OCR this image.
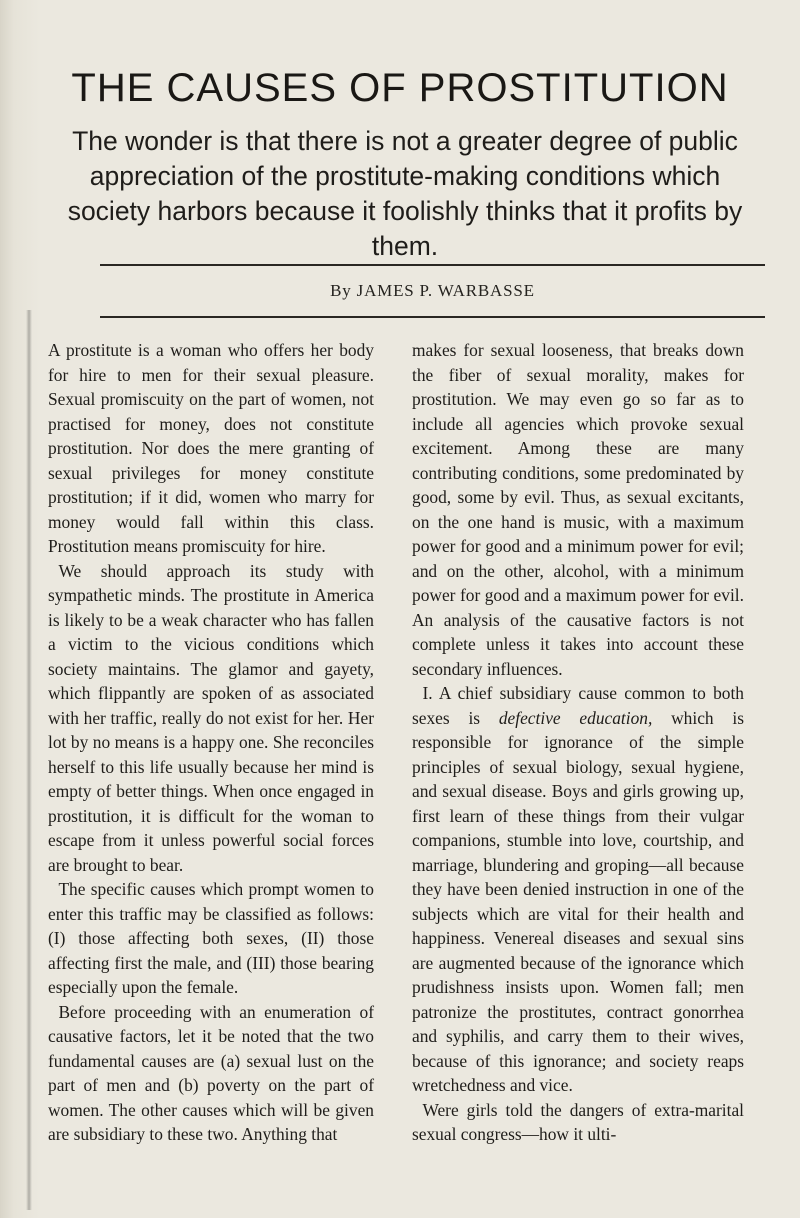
THE CAUSES OF PROSTITUTION

The wonder is that there is not a greater degree of public appreciation of the prostitute-making conditions which society harbors because it foolishly thinks that it profits by them.

By JAMES P. WARBASSE

A prostitute is a woman who offers her body for hire to men for their sexual pleasure. Sexual promiscuity on the part of women, not practised for money, does not constitute prostitution. Nor does the mere granting of sexual privileges for money constitute prostitution; if it did, women who marry for money would fall within this class. Prostitution means promiscuity for hire.

We should approach its study with sympathetic minds. The prostitute in America is likely to be a weak character who has fallen a victim to the vicious conditions which society maintains. The glamor and gayety, which flippantly are spoken of as associated with her traffic, really do not exist for her. Her lot by no means is a happy one. She reconciles herself to this life usually because her mind is empty of better things. When once engaged in prostitution, it is difficult for the woman to escape from it unless powerful social forces are brought to bear.

The specific causes which prompt women to enter this traffic may be classified as follows: (I) those affecting both sexes, (II) those affecting first the male, and (III) those bearing especially upon the female.

Before proceeding with an enumeration of causative factors, let it be noted that the two fundamental causes are (a) sexual lust on the part of men and (b) poverty on the part of women. The other causes which will be given are subsidiary to these two. Anything that

makes for sexual looseness, that breaks down the fiber of sexual morality, makes for prostitution. We may even go so far as to include all agencies which provoke sexual excitement. Among these are many contributing conditions, some predominated by good, some by evil. Thus, as sexual excitants, on the one hand is music, with a maximum power for good and a minimum power for evil; and on the other, alcohol, with a minimum power for good and a maximum power for evil. An analysis of the causative factors is not complete unless it takes into account these secondary influences.

I. A chief subsidiary cause common to both sexes is defective education, which is responsible for ignorance of the simple principles of sexual biology, sexual hygiene, and sexual disease. Boys and girls growing up, first learn of these things from their vulgar companions, stumble into love, courtship, and marriage, blundering and groping—all because they have been denied instruction in one of the subjects which are vital for their health and happiness. Venereal diseases and sexual sins are augmented because of the ignorance which prudishness insists upon. Women fall; men patronize the prostitutes, contract gonorrhea and syphilis, and carry them to their wives, because of this ignorance; and society reaps wretchedness and vice.

Were girls told the dangers of extra-marital sexual congress—how it ulti-
